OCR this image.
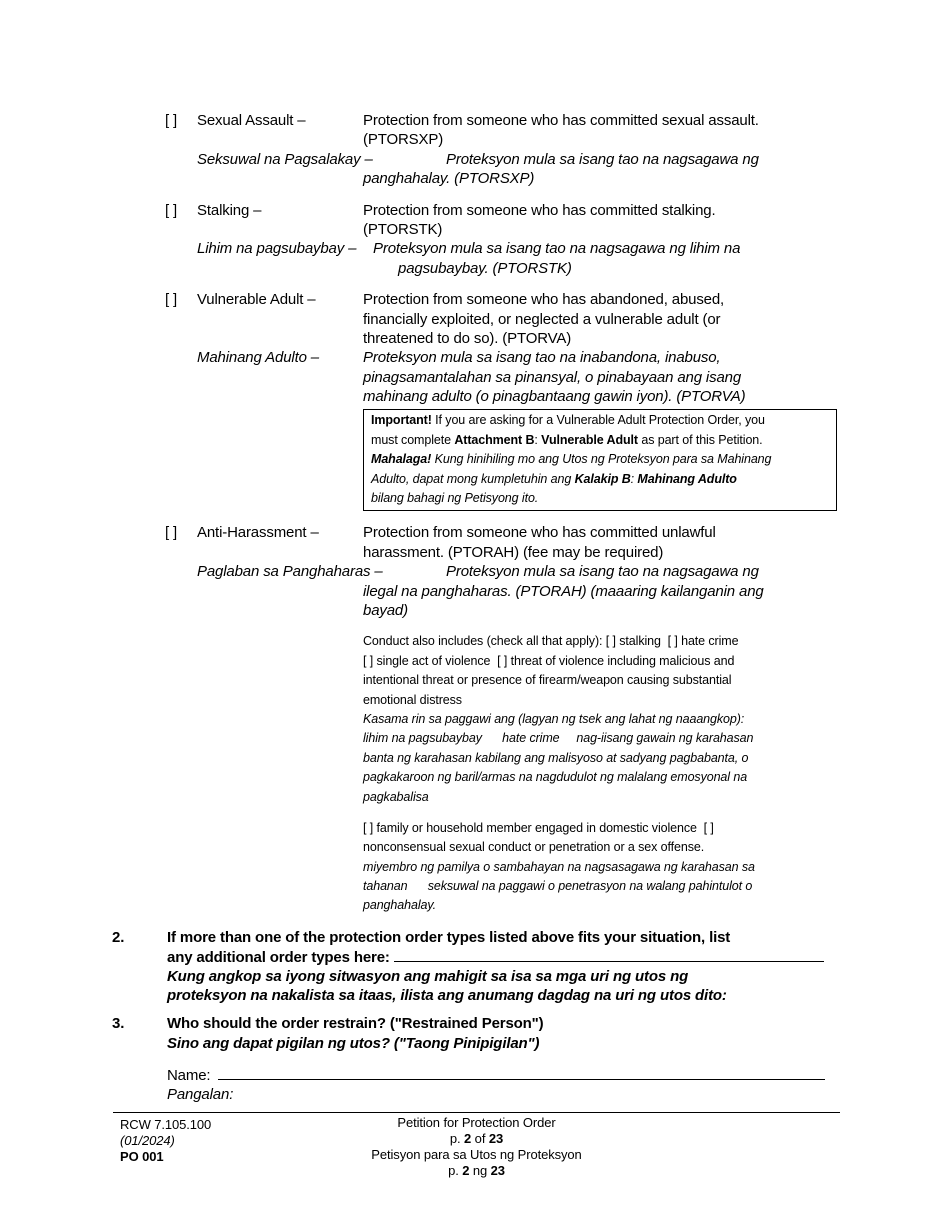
[ ]	Sexual Assault –	Protection from someone who has committed sexual assault.
(PTORSXP)
Seksuwal na Pagsalakay –	Proteksyon mula sa isang tao na nagsagawa ng
panghahalay. (PTORSXP)
[ ]	Stalking –	Protection from someone who has committed stalking.
(PTORSTK)
Lihim na pagsubaybay –	Proteksyon mula sa isang tao na nagsagawa ng lihim na
pagsubaybay. (PTORSTK)
[ ]	Vulnerable Adult –	Protection from someone who has abandoned, abused,
financially exploited, or neglected a vulnerable adult (or
threatened to do so). (PTORVA)
Mahinang Adulto –	Proteksyon mula sa isang tao na inabandona, inabuso,
pinagsamantalahan sa pinansyal, o pinabayaan ang isang
mahinang adulto (o pinagbantaang gawin iyon). (PTORVA)
Important! If you are asking for a Vulnerable Adult Protection Order, you
must complete Attachment B : Vulnerable Adult as part of this Petition.
Mahalaga! Kung hinihiling mo ang Utos ng Proteksyon para sa Mahinang
Adulto, dapat mong kumpletuhin ang Kalakip B : Mahinang Adulto
bilang bahagi ng Petisyong ito.
[ ]	Anti-Harassment –	Protection from someone who has committed unlawful
harassment. (PTORAH) (fee may be required)
Paglaban sa Panghaharas –	Proteksyon mula sa isang tao na nagsagawa ng
ilegal na panghaharas. (PTORAH) (maaaring kailanganin ang
bayad)
Conduct also includes (check all that apply): [ ] stalking [ ] hate crime
[ ] single act of violence [ ] threat of violence including malicious and
intentional threat or presence of firearm/weapon causing substantial
emotional distress
Kasama rin sa paggawi ang (lagyan ng tsek ang lahat ng naaangkop):
lihim na pagsubaybay      hate crime     nag-iisang gawain ng karahasan
banta ng karahasan kabilang ang malisyoso at sadyang pagbabanta, o
pagkakaroon ng baril/armas na nagdudulot ng malalang emosyonal na
pagkabalisa
[ ] family or household member engaged in domestic violence [ ]
nonconsensual sexual conduct or penetration or a sex offense.
miyembro ng pamilya o sambahayan na nagsasagawa ng karahasan sa
tahanan      seksuwal na paggawi o penetrasyon na walang pahintulot o
panghahalay.
2.	If more than one of the protection order types listed above fits your situation, list
any additional order types here:
Kung angkop sa iyong sitwasyon ang mahigit sa isa sa mga uri ng utos ng
proteksyon na nakalista sa itaas, ilista ang anumang dagdag na uri ng utos dito:
3.	Who should the order restrain? ("Restrained Person")
Sino ang dapat pigilan ng utos? ("Taong Pinipigilan")
Name:
Pangalan:
RCW 7.105.100
(01/2024)
PO 001
Petition for Protection Order
p. 2 of 23
Petisyon para sa Utos ng Proteksyon
p. 2 ng 23
